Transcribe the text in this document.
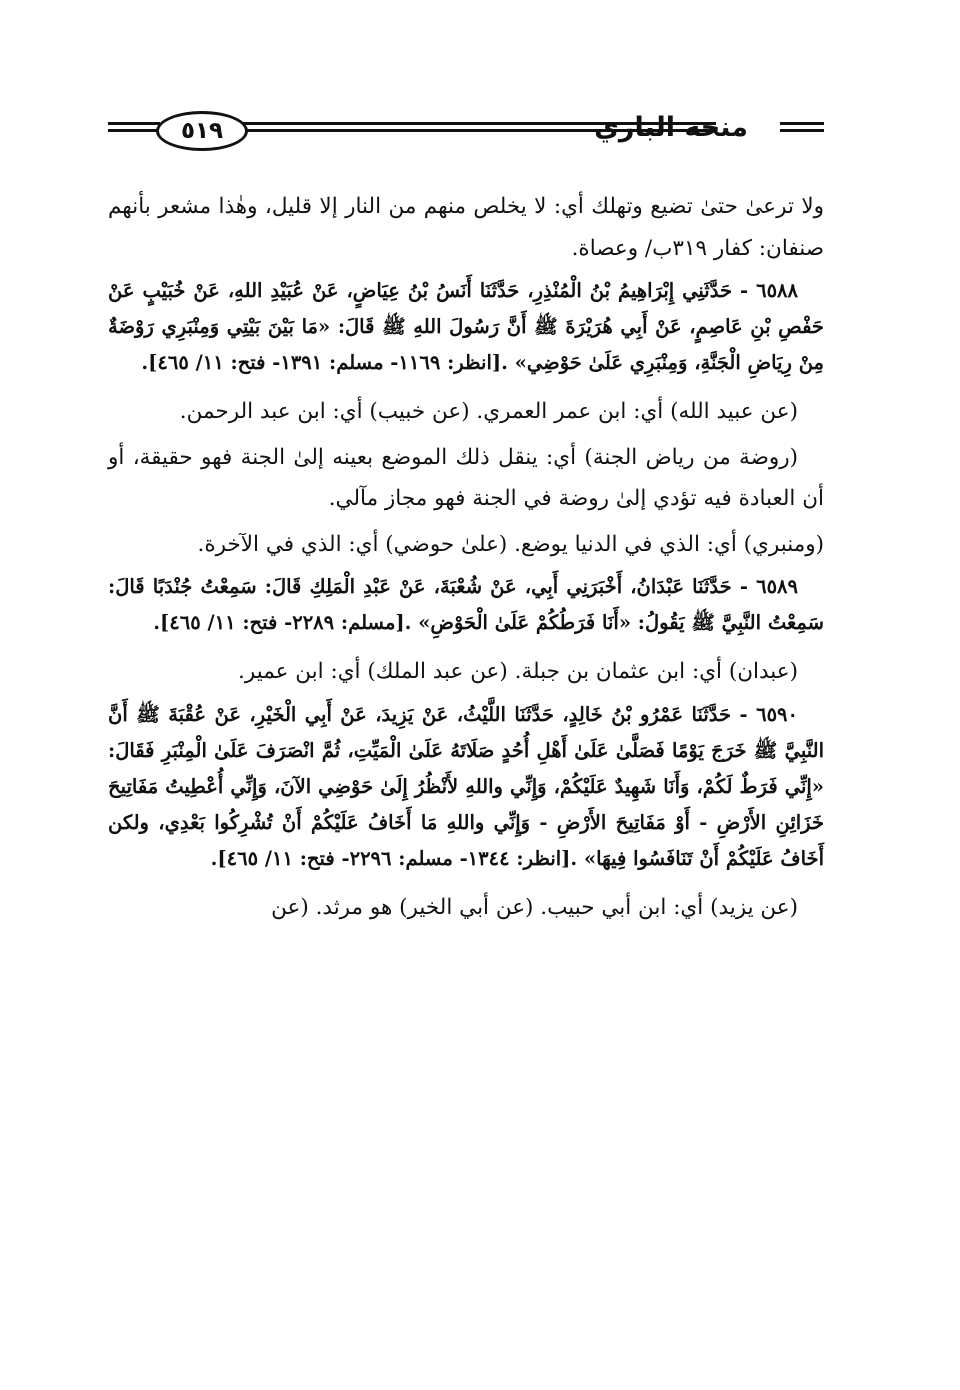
٥١٩	منحة الباري

ولا ترعىٰ حتىٰ تضيع وتهلك أي: لا يخلص منهم من النار إلا قليل، وهٰذا مشعر بأنهم صنفان: كفار ٣١٩ب/ وعصاة.

٦٥٨٨ - حَدَّثَنِي إِبْرَاهِيمُ بْنُ الْمُنْذِرِ، حَدَّثَنَا أَنَسُ بْنُ عِيَاضٍ، عَنْ عُبَيْدِ اللهِ، عَنْ خُبَيْبٍ عَنْ حَفْصِ بْنِ عَاصِمٍ، عَنْ أَبِي هُرَيْرَةَ ﷺ أَنَّ رَسُولَ اللهِ ﷺ قَالَ: «مَا بَيْنَ بَيْتِي وَمِنْبَرِي رَوْضَةٌ مِنْ رِيَاضِ الْجَنَّةِ، وَمِنْبَرِي عَلَىٰ حَوْضِي» .[انظر: ١١٦٩- مسلم: ١٣٩١- فتح: ١١/ ٤٦٥].

(عن عبيد الله) أي: ابن عمر العمري. (عن خبيب) أي: ابن عبد الرحمن.

(روضة من رياض الجنة) أي: ينقل ذلك الموضع بعينه إلىٰ الجنة فهو حقيقة، أو أن العبادة فيه تؤدي إلىٰ روضة في الجنة فهو مجاز مآلي.

(ومنبري) أي: الذي في الدنيا يوضع. (علىٰ حوضي) أي: الذي في الآخرة.

٦٥٨٩ - حَدَّثَنَا عَبْدَانُ، أَخْبَرَنِي أَبِي، عَنْ شُعْبَةَ، عَنْ عَبْدِ الْمَلِكِ قَالَ: سَمِعْتُ جُنْدَبًا قَالَ: سَمِعْتُ النَّبِيَّ ﷺ يَقُولُ: «أَنَا فَرَطُكُمْ عَلَىٰ الْحَوْضِ» .[مسلم: ٢٢٨٩- فتح: ١١/ ٤٦٥].

(عبدان) أي: ابن عثمان بن جبلة. (عن عبد الملك) أي: ابن عمير.

٦٥٩٠ - حَدَّثَنَا عَمْرُو بْنُ خَالِدٍ، حَدَّثَنَا اللَّيْثُ، عَنْ يَزِيدَ، عَنْ أَبِي الْخَيْرِ، عَنْ عُقْبَةَ ﷺ أَنَّ النَّبِيَّ ﷺ خَرَجَ يَوْمًا فَصَلَّىٰ عَلَىٰ أَهْلِ أُحُدٍ صَلَاتَهُ عَلَىٰ الْمَيِّتِ، ثُمَّ انْصَرَفَ عَلَىٰ الْمِنْبَرِ فَقَالَ: «إِنِّي فَرَطٌ لَكُمْ، وَأَنَا شَهِيدٌ عَلَيْكُمْ، وَإِنِّي واللهِ لأَنْظُرُ إِلَىٰ حَوْضِي الآنَ، وَإِنِّي أُعْطِيتُ مَفَاتِيحَ خَزَائِنِ الأَرْضِ - أَوْ مَفَاتِيحَ الأَرْضِ - وَإِنِّي واللهِ مَا أَخَافُ عَلَيْكُمْ أَنْ تُشْرِكُوا بَعْدِي، ولكن أَخَافُ عَلَيْكُمْ أَنْ تَنَافَسُوا فِيهَا» .[انظر: ١٣٤٤- مسلم: ٢٢٩٦- فتح: ١١/ ٤٦٥].

(عن يزيد) أي: ابن أبي حبيب. (عن أبي الخير) هو مرثد. (عن
